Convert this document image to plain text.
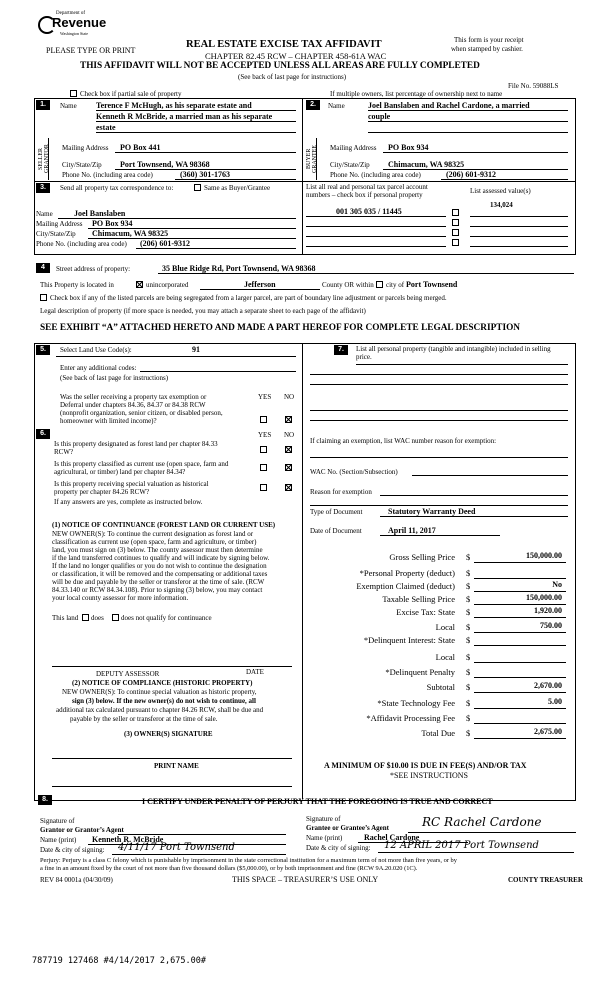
Department of
Revenue
Washington State
PLEASE TYPE OR PRINT
REAL ESTATE EXCISE TAX AFFIDAVIT
CHAPTER 82.45 RCW – CHAPTER 458-61A WAC
This form is your receipt
when stamped by cashier.
THIS AFFIDAVIT WILL NOT BE ACCEPTED UNLESS ALL AREAS ARE FULLY COMPLETED
(See back of last page for instructions)
File No. 59088LS
Check box if partial sale of property	If multiple owners, list percentage of ownership next to name
1.	2.
Name Terence F McHugh, as his separate estate and
Kenneth R McBride, a married man as his separate
estate
SELLER GRANTOR Mailing Address PO Box 441
City/State/Zip Port Townsend, WA 98368
Phone No. (including area code)	(360) 301-1763
Name	Joel Banslaben and Rachel Cardone, a married
couple
BUYER GRANTEE Mailing Address PO Box 934
City/State/Zip Chimacum, WA 98325
Phone No. (including area code)	(206) 601-9312
3.	Send all property tax correspondence to:	Same as Buyer/Grantee
Name	Joel Banslaben
Mailing Address PO Box 934
City/State/Zip Chimacum, WA 98325
Phone No. (including area code) (206) 601-9312
List all real and personal tax parcel account
numbers – check box if personal property	List assessed value(s)
001 305 035 / 11445
134,024
4	Street address of property:	35 Blue Ridge Rd, Port Townsend, WA 98368
This Property is located in	unincorporated	Jefferson	County OR within city of Port Townsend
Check box if any of the listed parcels are being segregated from a larger parcel, are part of boundary line adjustment or parcels being merged.
Legal description of property (if more space is needed, you may attach a separate sheet to each page of the affidavit)
SEE EXHIBIT “A” ATTACHED HERETO AND MADE A PART HEREOF FOR COMPLETE LEGAL DESCRIPTION
5.	Select Land Use Code(s):	91
Enter any additional codes:
(See back of last page for instructions)
YES NO
Was the seller receiving a property tax exemption or
Deferral under chapters 84.36, 84.37 or 84.38 RCW
(nonprofit organization, senior citizen, or disabled person,
homeowner with limited income)?
6.	YES NO
Is this property designated as forest land per chapter 84.33
RCW?
Is this property classified as current use (open space, farm and
agricultural, or timber) land per chapter 84.34?
Is this property receiving special valuation as historical
property per chapter 84.26 RCW?
If any answers are yes, complete as instructed below.
(1) NOTICE OF CONTINUANCE (FOREST LAND OR CURRENT USE)
NEW OWNER(S): To continue the current designation as forest land or
classification as current use (open space, farm and agriculture, or timber)
land, you must sign on (3) below. The county assessor must then determine
if the land transferred continues to qualify and will indicate by signing below.
If the land no longer qualifies or you do not wish to continue the designation
or classification, it will be removed and the compensating or additional taxes
will be due and payable by the seller or transferor at the time of sale. (RCW
84.33.140 or RCW 84.34.108). Prior to signing (3) below, you may contact
your local county assessor for more information.
This land does does not qualify for continuance
DEPUTY ASSESSOR	DATE
(2) NOTICE OF COMPLIANCE (HISTORIC PROPERTY)
NEW OWNER(S): To continue special valuation as historic property,
sign (3) below. If the new owner(s) do not wish to continue, all
additional tax calculated pursuant to chapter 84.26 RCW, shall be due and
payable by the seller or transferor at the time of sale.
(3) OWNER(S) SIGNATURE
PRINT NAME
7.	List all personal property (tangible and intangible) included in selling
price.
If claiming an exemption, list WAC number reason for exemption:
WAC No. (Section/Subsection)
Reason for exemption
Type of Document	Statutory Warranty Deed
Date of Document	April 11, 2017
Gross Selling Price $	150,000.00
*Personal Property (deduct) $
Exemption Claimed (deduct) $	No
Taxable Selling Price $	150,000.00
Excise Tax: State $	1,920.00
Local $	750.00
*Delinquent Interest: State $
Local $
*Delinquent Penalty $
Subtotal $	2,670.00
*State Technology Fee $	5.00
*Affidavit Processing Fee $
Total Due $	2,675.00
A MINIMUM OF $10.00 IS DUE IN FEE(S) AND/OR TAX
*SEE INSTRUCTIONS
8.	I CERTIFY UNDER PENALTY OF PERJURY THAT THE FOREGOING IS TRUE AND CORRECT
Signature of
Grantor or Grantor’s Agent
Name (print) Kenneth R. McBride
Date & city of signing: 4/11/17 Port Townsend
Signature of
Grantee or Grantee’s Agent	RC Rachel Cardone
Name (print)	Rachel Cardone
Date & city of signing: 12 APRIL 2017 Port Townsend
Perjury: Perjury is a class C felony which is punishable by imprisonment in the state correctional institution for a maximum term of not more than five years, or by
a fine in an amount fixed by the court of not more than five thousand dollars ($5,000.00), or by both imprisonment and fine (RCW 9A.20.020 (1C).
REV 84 0001a (04/30/09)	THIS SPACE – TREASURER’S USE ONLY	COUNTY TREASURER
787719 127468 #4/14/2017 2,675.00#
